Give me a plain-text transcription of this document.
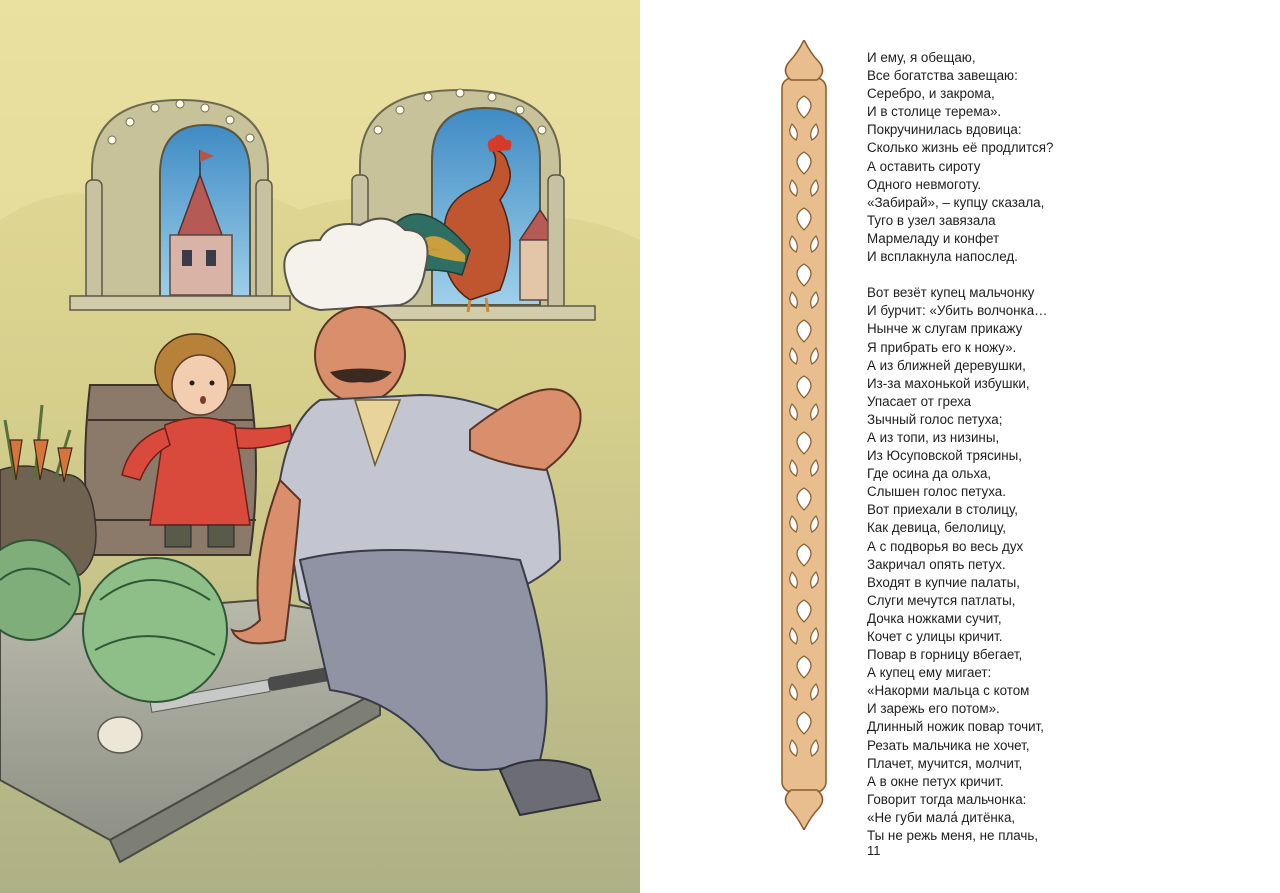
И ему, я обещаю,
Все богатства завещаю:
Серебро, и закрома,
И в столице терема».
Покручинилась вдовица:
Сколько жизнь её продлится?
А оставить сироту
Одного невмоготу.
«Забирай», – купцу сказала,
Туго в узел завязала
Мармеладу и конфет
И всплакнула напослед.
Вот везёт купец мальчонку
И бурчит: «Убить волчонка…
Нынче ж слугам прикажу
Я прибрать его к ножу».
А из ближней деревушки,
Из-за махонькой избушки,
Упасает от греха
Зычный голос петуха;
А из топи, из низины,
Из Юсуповской трясины,
Где осина да ольха,
Слышен голос петуха.
Вот приехали в столицу,
Как девица, белолицу,
А с подворья во весь дух
Закричал опять петух.
Входят в купчие палаты,
Слуги мечутся патлаты,
Дочка ножками сучит,
Кочет с улицы кричит.
Повар в горницу вбегает,
А купец ему мигает:
«Накорми мальца с котом
И зарежь его потом».
Длинный ножик повар точит,
Резать мальчика не хочет,
Плачет, мучится, молчит,
А в окне петух кричит.
Говорит тогда мальчонка:
«Не губи мала́ дитёнка,
Ты не режь меня, не плачь,
11
